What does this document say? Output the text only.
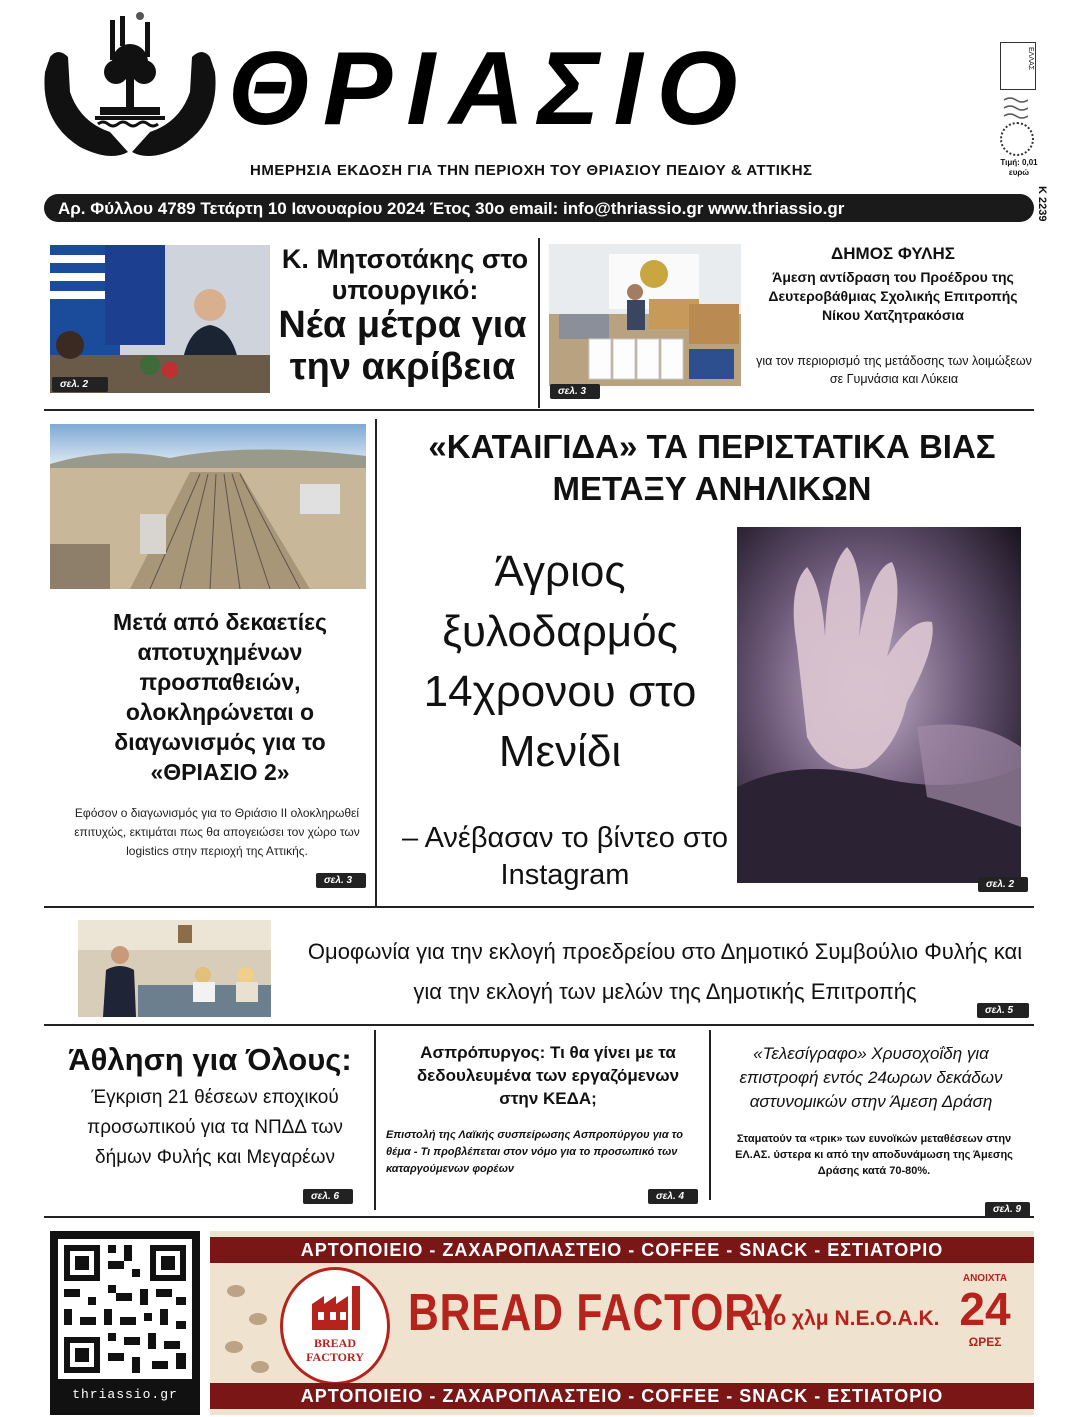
ΘΡΙΑΣΙΟ
ΗΜΕΡΗΣΙΑ ΕΚΔΟΣΗ ΓΙΑ ΤΗΝ ΠΕΡΙΟΧΗ ΤΟΥ ΘΡΙΑΣΙΟΥ ΠΕΔΙΟΥ & ΑΤΤΙΚΗΣ
ΕΛΛΑΣ
Τιμή: 0,01 ευρώ
Αρ. Φύλλου 4789 Τετάρτη 10 Ιανουαρίου 2024 Έτος 30ο email: info@thriassio.gr www.thriassio.gr	Κ 2239
σελ. 2
Κ. Μητσοτάκης στο υπουργικό:
Νέα μέτρα για την ακρίβεια
σελ. 3
ΔΗΜΟΣ ΦΥΛΗΣ
Άμεση αντίδραση του Προέδρου της Δευτεροβάθμιας Σχολικής Επιτροπής Νίκου Χατζητρακόσια
για τον περιορισμό της μετάδοσης των λοιμώξεων σε Γυμνάσια και Λύκεια
Μετά από δεκαετίες αποτυχημένων προσπαθειών, ολοκληρώνεται ο διαγωνισμός για το «ΘΡΙΑΣΙΟ 2»
Εφόσον ο διαγωνισμός για το Θριάσιο ΙΙ ολοκληρωθεί επιτυχώς, εκτιμάται πως θα απογειώσει τον χώρο των logistics στην περιοχή της Αττικής.
σελ. 3
«ΚΑΤΑΙΓΙΔΑ» ΤΑ ΠΕΡΙΣΤΑΤΙΚΑ ΒΙΑΣ ΜΕΤΑΞΥ ΑΝΗΛΙΚΩΝ
Άγριος ξυλοδαρμός 14χρονου στο Μενίδι
– Ανέβασαν το βίντεο στο Instagram	σελ. 2
Ομοφωνία για την εκλογή προεδρείου στο Δημοτικό Συμβούλιο Φυλής και για την εκλογή των μελών της Δημοτικής Επιτροπής
σελ. 5
Άθληση για Όλους:
Έγκριση 21 θέσεων εποχικού προσωπικού για τα ΝΠΔΔ των δήμων Φυλής και Μεγαρέων
σελ. 6
Ασπρόπυργος: Τι θα γίνει με τα δεδουλευμένα των εργαζόμενων στην ΚΕΔΑ;
Επιστολή της Λαϊκής συσπείρωσης Ασπροπύργου για το θέμα - Τι προβλέπεται στον νόμο για το προσωπικό των καταργούμενων φορέων
σελ. 4
«Τελεσίγραφο» Χρυσοχοΐδη για επιστροφή εντός 24ωρων δεκάδων αστυνομικών στην Άμεση Δράση
Σταματούν τα «τρικ» των ευνοϊκών μεταθέσεων στην ΕΛ.ΑΣ. ύστερα κι από την αποδυνάμωση της Άμεσης Δράσης κατά 70-80%.
σελ. 9
thriassio.gr
ΑΡΤΟΠΟΙΕΙΟ - ΖΑΧΑΡΟΠΛΑΣΤΕΙΟ - COFFEE - SNACK - ΕΣΤΙΑΤΟΡΙΟ
BREAD
FACTORY
BREAD FACTORY
17ο χλμ Ν.Ε.Ο.Α.Κ.
ΑΝΟΙΧΤΑ
24
ΩΡΕΣ
ΑΡΤΟΠΟΙΕΙΟ - ΖΑΧΑΡΟΠΛΑΣΤΕΙΟ - COFFEE - SNACK - ΕΣΤΙΑΤΟΡΙΟ
